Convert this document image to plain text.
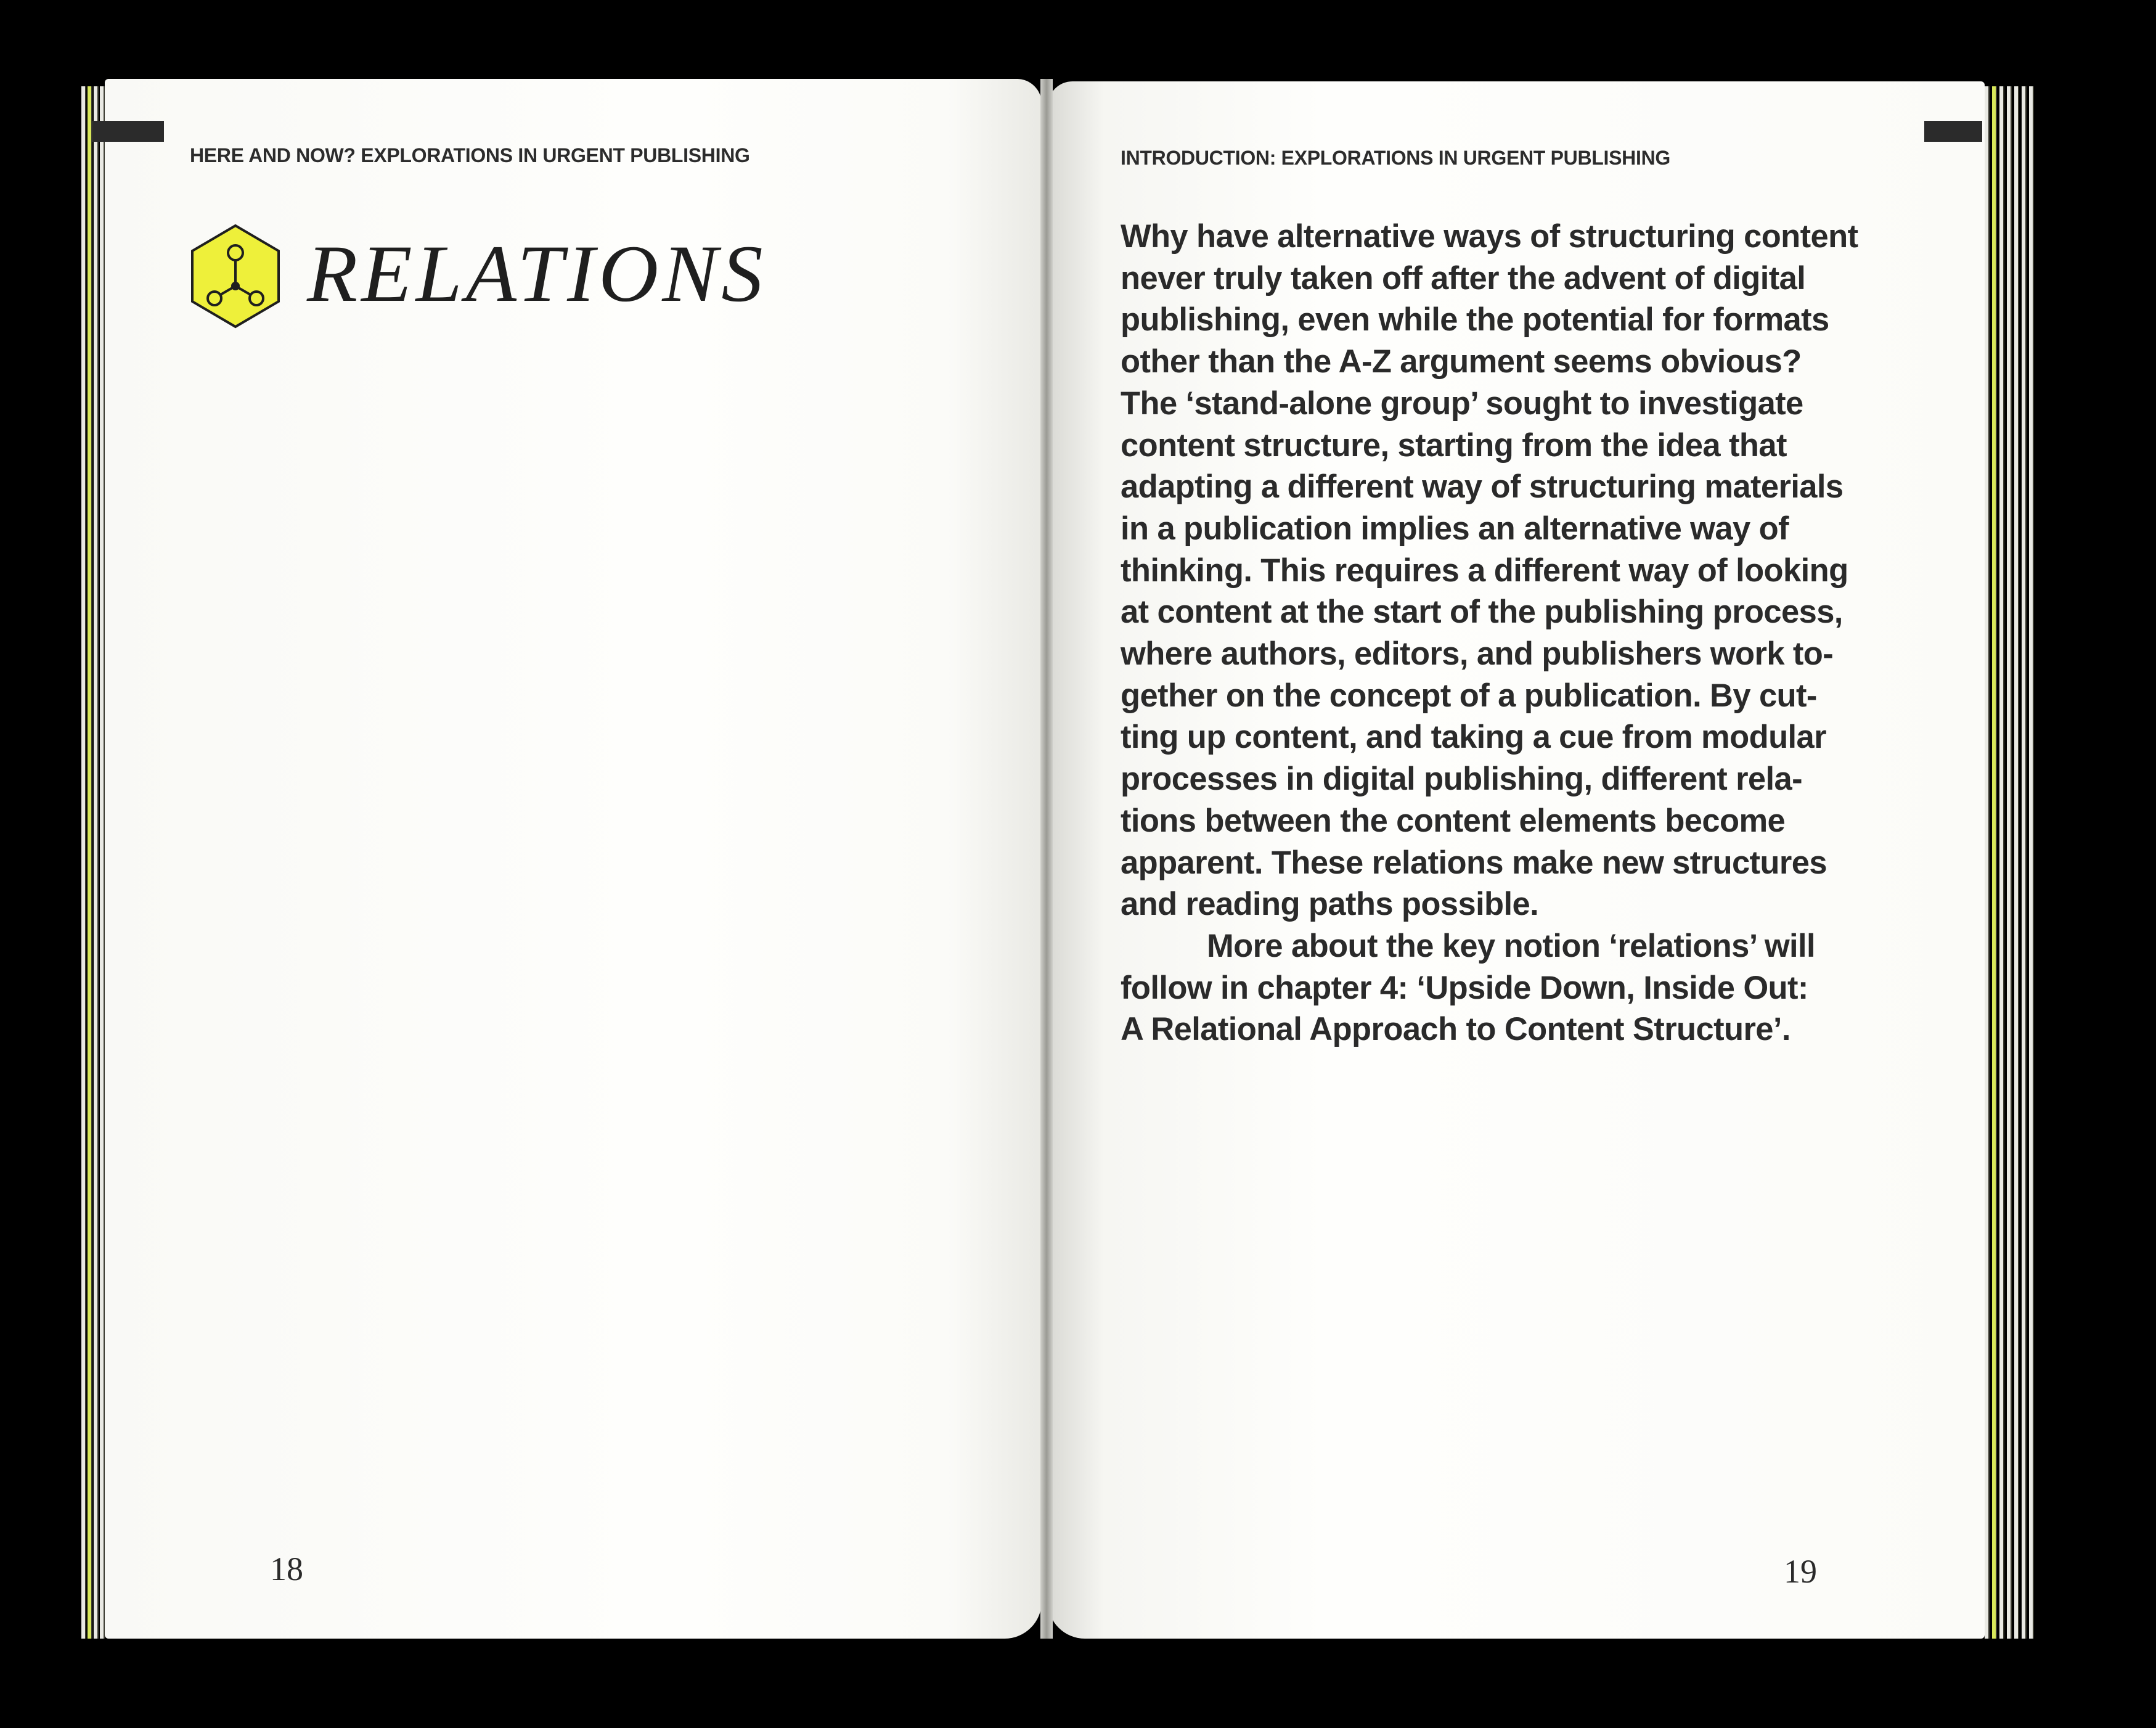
HERE AND NOW? EXPLORATIONS IN URGENT PUBLISHING
RELATIONS
18
INTRODUCTION: EXPLORATIONS IN URGENT PUBLISHING
Why have alternative ways of structuring content
never truly taken off after the advent of digital
publishing, even while the potential for formats
other than the A-Z argument seems obvious?
The ‘stand-alone group’ sought to investigate
content structure, starting from the idea that
adapting a different way of structuring materials
in a publication implies an alternative way of
thinking. This requires a different way of looking
at content at the start of the publishing process,
where authors, editors, and publishers work to-
gether on the concept of a publication. By cut-
ting up content, and taking a cue from modular
processes in digital publishing, different rela-
tions between the content elements become
apparent. These relations make new structures
and reading paths possible.
More about the key notion ‘relations’ will
follow in chapter 4: ‘Upside Down, Inside Out:
A Relational Approach to Content Structure’.
19
